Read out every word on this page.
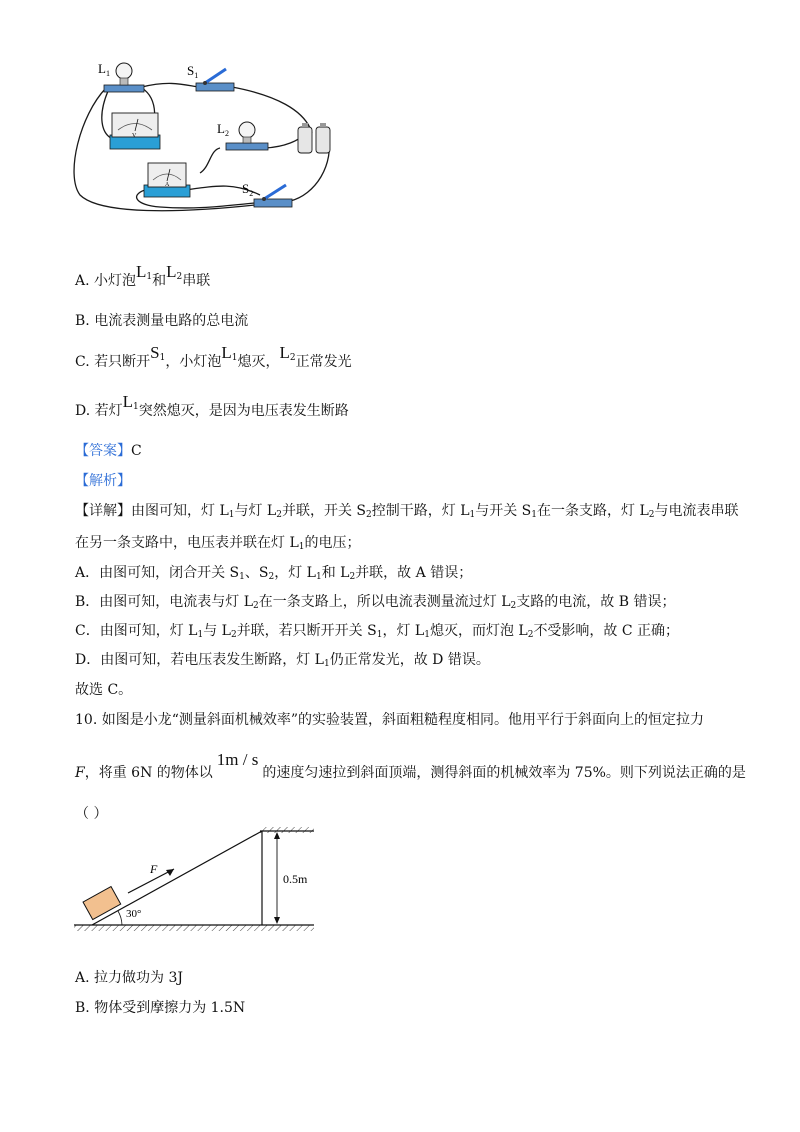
$L_1$	$S_1$
V	$L_2$
A	$S_2$
A. 小灯泡$L_1$和$L_2$串联
B. 电流表测量电路的总电流
C. 若只断开$S_1$，小灯泡$L_1$熄灭，$L_2$正常发光
D. 若灯$L_1$突然熄灭，是因为电压表发生断路
【答案】C
【解析】
【详解】由图可知，灯 $L_1$与灯 $L_2$并联，开关 $S_2$控制干路，灯 $L_1$与开关 $S_1$在一条支路，灯 $L_2$与电流表串联
在另一条支路中，电压表并联在灯 $L_1$的电压；
A．由图可知，闭合开关 $S_1$、$S_2$，灯 $L_1$和 $L_2$并联，故 A 错误；
B．由图可知，电流表与灯 $L_2$在一条支路上，所以电流表测量流过灯 $L_2$支路的电流，故 B 错误；
C．由图可知，灯 $L_1$与 $L_2$并联，若只断开开关 $S_1$，灯 $L_1$熄灭，而灯泡 $L_2$不受影响，故 C 正确；
D．由图可知，若电压表发生断路，灯 $L_1$仍正常发光，故 D 错误。
故选 C。
10. 如图是小龙“测量斜面机械效率”的实验装置，斜面粗糙程度相同。他用平行于斜面向上的恒定拉力
F，将重 6N 的物体以1m / s的速度匀速拉到斜面顶端，测得斜面的机械效率为 75%。则下列说法正确的是
（ ）
0.5m
F
30°
A. 拉力做功为 3J
B. 物体受到摩擦力为 1.5N
